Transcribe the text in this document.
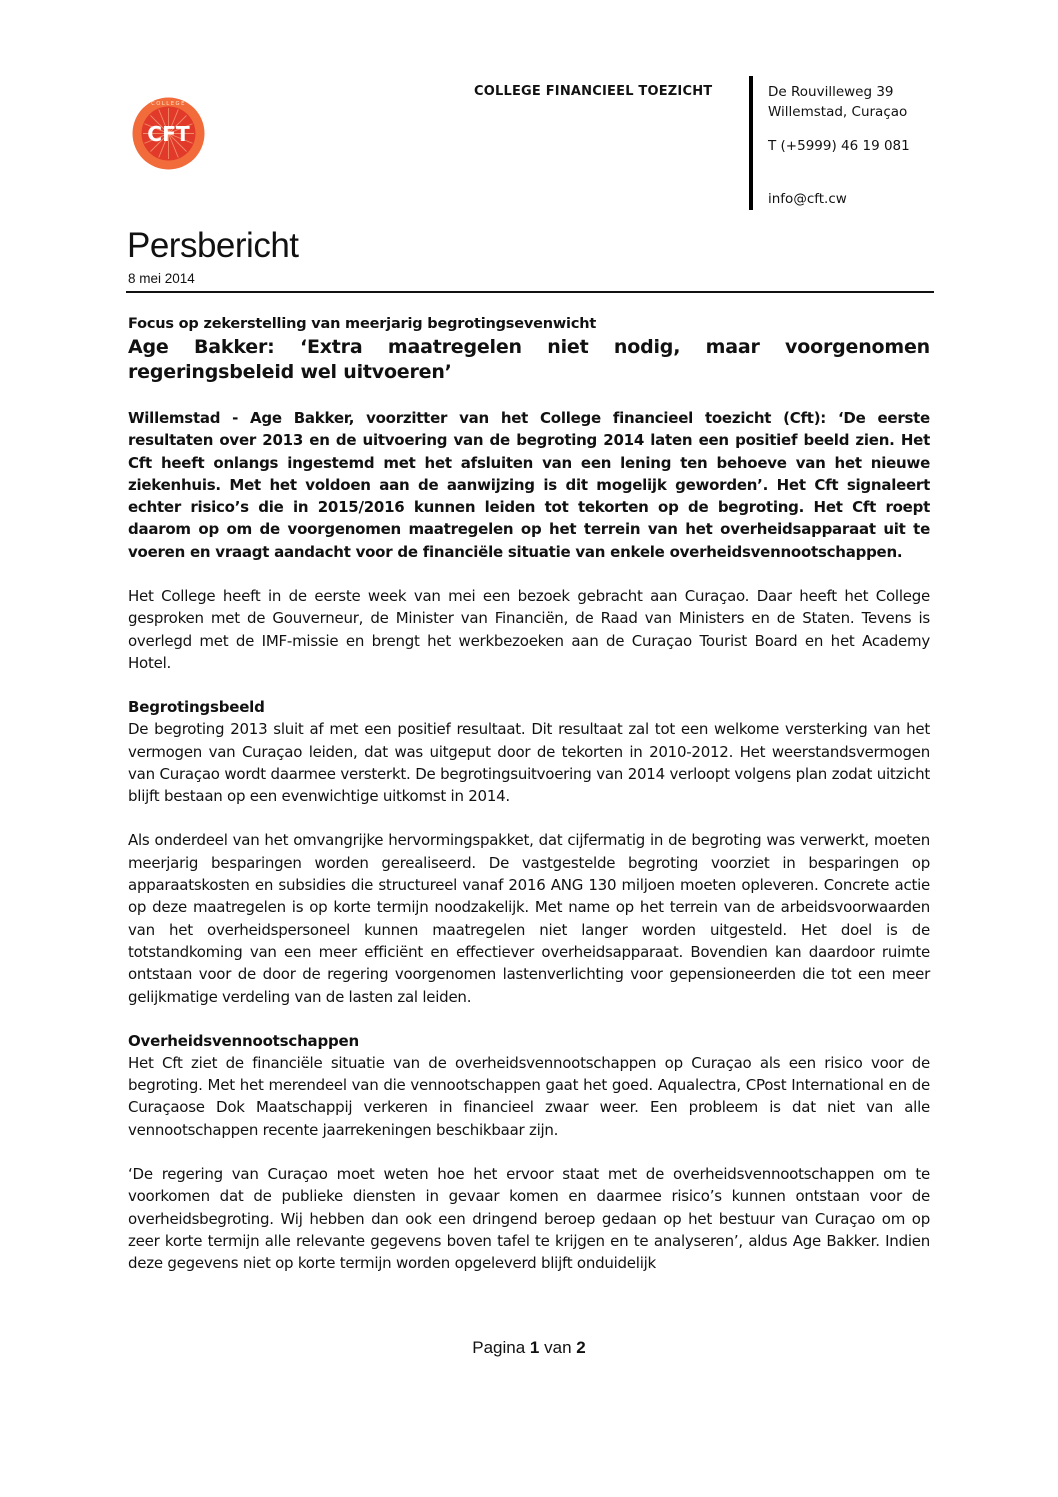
CFT
COLLEGE
COLLEGE FINANCIEEL TOEZICHT	De Rouvilleweg 39
Willemstad, Curaçao
T (+5999) 46 19 081
info@cft.cw
Persbericht
8 mei 2014
Focus op zekerstelling van meerjarig begrotingsevenwicht
Age Bakker: ‘Extra maatregelen niet nodig, maar voorgenomen regeringsbeleid wel uitvoeren’

Willemstad - Age Bakker, voorzitter van het College financieel toezicht (Cft): ‘De eerste resultaten over 2013 en de uitvoering van de begroting 2014 laten een positief beeld zien. Het Cft heeft onlangs ingestemd met het afsluiten van een lening ten behoeve van het nieuwe ziekenhuis. Met het voldoen aan de aanwijzing is dit mogelijk geworden’. Het Cft signaleert echter risico’s die in 2015/2016 kunnen leiden tot tekorten op de begroting. Het Cft roept daarom op om de voorgenomen maatregelen op het terrein van het overheidsapparaat uit te voeren en vraagt aandacht voor de financiële situatie van enkele overheidsvennootschappen.

Het College heeft in de eerste week van mei een bezoek gebracht aan Curaçao. Daar heeft het College gesproken met de Gouverneur, de Minister van Financiën, de Raad van Ministers en de Staten. Tevens is overlegd met de IMF-missie en brengt het werkbezoeken aan de Curaçao Tourist Board en het Academy Hotel.

Begrotingsbeeld

De begroting 2013 sluit af met een positief resultaat. Dit resultaat zal tot een welkome versterking van het vermogen van Curaçao leiden, dat was uitgeput door de tekorten in 2010-2012. Het weerstandsvermogen van Curaçao wordt daarmee versterkt. De begrotingsuitvoering van 2014 verloopt volgens plan zodat uitzicht blijft bestaan op een evenwichtige uitkomst in 2014.

Als onderdeel van het omvangrijke hervormingspakket, dat cijfermatig in de begroting was verwerkt, moeten meerjarig besparingen worden gerealiseerd. De vastgestelde begroting voorziet in besparingen op apparaatskosten en subsidies die structureel vanaf 2016 ANG 130 miljoen moeten opleveren. Concrete actie op deze maatregelen is op korte termijn noodzakelijk. Met name op het terrein van de arbeidsvoorwaarden van het overheidspersoneel kunnen maatregelen niet langer worden uitgesteld. Het doel is de totstandkoming van een meer efficiënt en effectiever overheidsapparaat. Bovendien kan daardoor ruimte ontstaan voor de door de regering voorgenomen lastenverlichting voor gepensioneerden die tot een meer gelijkmatige verdeling van de lasten zal leiden.

Overheidsvennootschappen

Het Cft ziet de financiële situatie van de overheidsvennootschappen op Curaçao als een risico voor de begroting. Met het merendeel van die vennootschappen gaat het goed. Aqualectra, CPost International en de Curaçaose Dok Maatschappij verkeren in financieel zwaar weer. Een probleem is dat niet van alle vennootschappen recente jaarrekeningen beschikbaar zijn.

‘De regering van Curaçao moet weten hoe het ervoor staat met de overheidsvennootschappen om te voorkomen dat de publieke diensten in gevaar komen en daarmee risico’s kunnen ontstaan voor de overheidsbegroting. Wij hebben dan ook een dringend beroep gedaan op het bestuur van Curaçao om op zeer korte termijn alle relevante gegevens boven tafel te krijgen en te analyseren’, aldus Age Bakker. Indien deze gegevens niet op korte termijn worden opgeleverd blijft onduidelijk

Pagina 1 van 2
